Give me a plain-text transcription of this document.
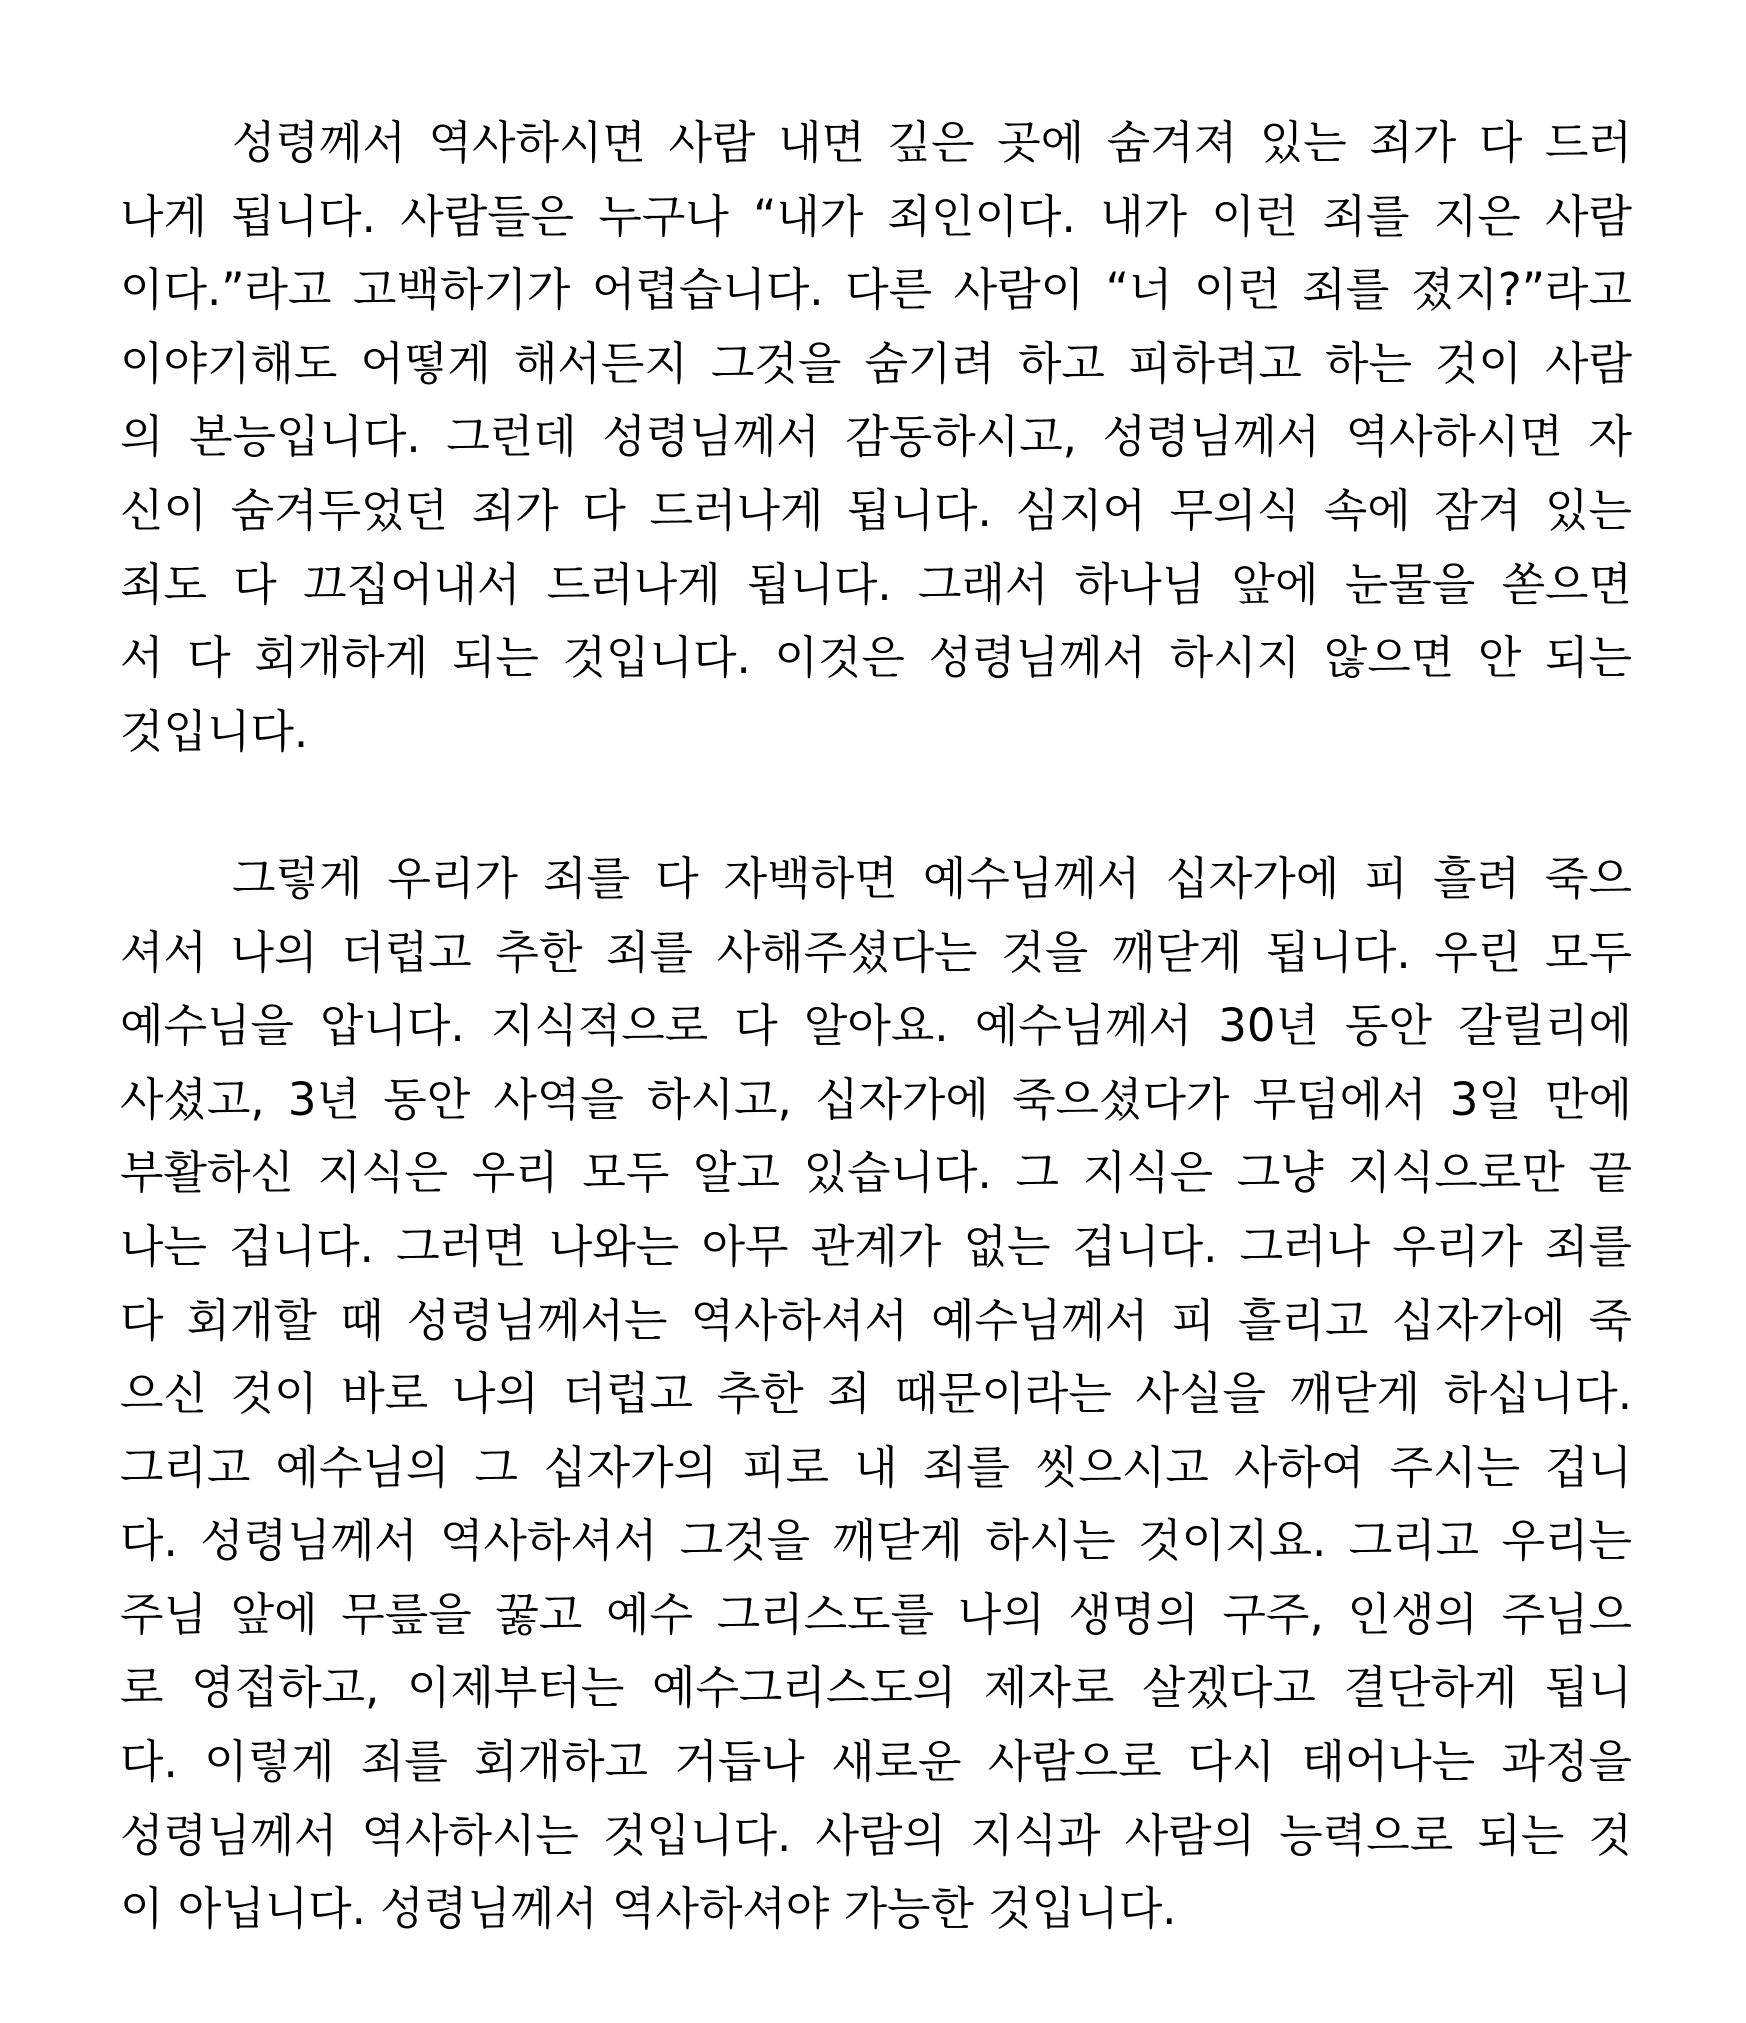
성령께서 역사하시면 사람 내면 깊은 곳에 숨겨져 있는 죄가 다 드러
나게 됩니다. 사람들은 누구나 “내가 죄인이다. 내가 이런 죄를 지은 사람
이다.”라고 고백하기가 어렵습니다. 다른 사람이 “너 이런 죄를 졌지?”라고
이야기해도 어떻게 해서든지 그것을 숨기려 하고 피하려고 하는 것이 사람
의 본능입니다. 그런데 성령님께서 감동하시고, 성령님께서 역사하시면 자
신이 숨겨두었던 죄가 다 드러나게 됩니다. 심지어 무의식 속에 잠겨 있는
죄도 다 끄집어내서 드러나게 됩니다. 그래서 하나님 앞에 눈물을 쏟으면
서 다 회개하게 되는 것입니다. 이것은 성령님께서 하시지 않으면 안 되는
것입니다.

그렇게 우리가 죄를 다 자백하면 예수님께서 십자가에 피 흘려 죽으
셔서 나의 더럽고 추한 죄를 사해주셨다는 것을 깨닫게 됩니다. 우린 모두
예수님을 압니다. 지식적으로 다 알아요. 예수님께서 30년 동안 갈릴리에
사셨고, 3년 동안 사역을 하시고, 십자가에 죽으셨다가 무덤에서 3일 만에
부활하신 지식은 우리 모두 알고 있습니다. 그 지식은 그냥 지식으로만 끝
나는 겁니다. 그러면 나와는 아무 관계가 없는 겁니다. 그러나 우리가 죄를
다 회개할 때 성령님께서는 역사하셔서 예수님께서 피 흘리고 십자가에 죽
으신 것이 바로 나의 더럽고 추한 죄 때문이라는 사실을 깨닫게 하십니다.
그리고 예수님의 그 십자가의 피로 내 죄를 씻으시고 사하여 주시는 겁니
다. 성령님께서 역사하셔서 그것을 깨닫게 하시는 것이지요. 그리고 우리는
주님 앞에 무릎을 꿇고 예수 그리스도를 나의 생명의 구주, 인생의 주님으
로 영접하고, 이제부터는 예수그리스도의 제자로 살겠다고 결단하게 됩니
다. 이렇게 죄를 회개하고 거듭나 새로운 사람으로 다시 태어나는 과정을
성령님께서 역사하시는 것입니다. 사람의 지식과 사람의 능력으로 되는 것
이 아닙니다. 성령님께서 역사하셔야 가능한 것입니다.
